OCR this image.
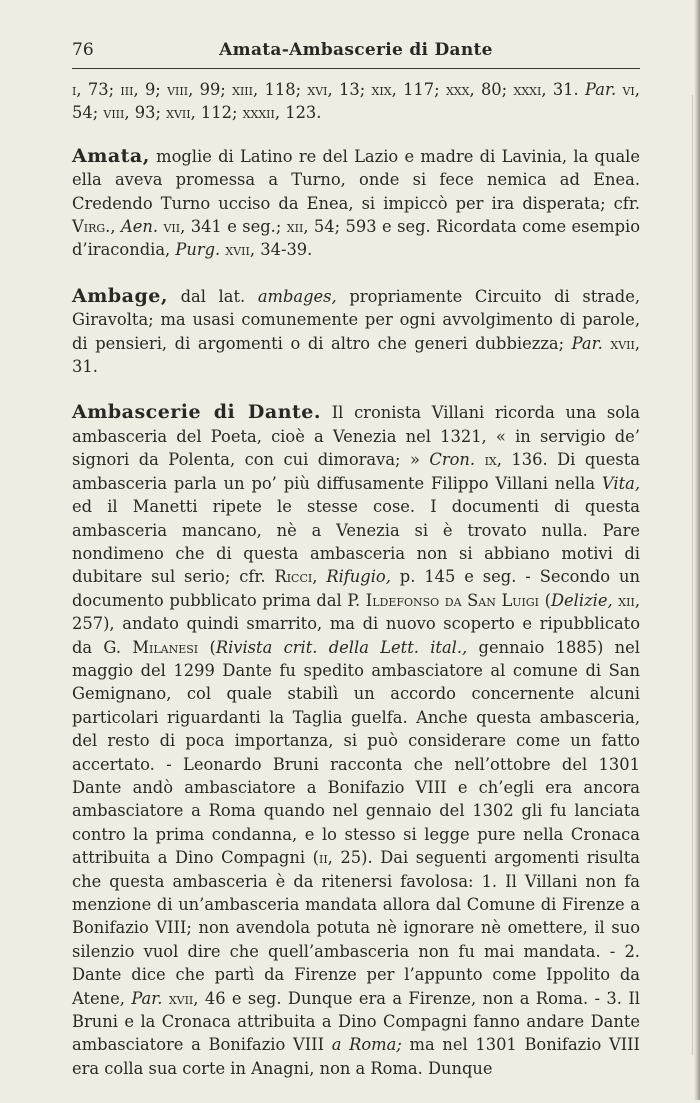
76	Amata-Ambascerie di Dante

i, 73; iii, 9; viii, 99; xiii, 118; xvi, 13; xix, 117; xxx, 80; xxxi, 31. Par. vi, 54; viii, 93; xvii, 112; xxxii, 123.

Amata, moglie di Latino re del Lazio e madre di Lavinia, la quale ella aveva promessa a Turno, onde si fece nemica ad Enea. Credendo Turno ucciso da Enea, si impiccò per ira disperata; cfr. Virg., Aen. vii, 341 e seg.; xii, 54; 593 e seg. Ricordata come esempio d’iracondia, Purg. xvii, 34-39.

Ambage, dal lat. ambages, propriamente Circuito di strade, Giravolta; ma usasi comunemente per ogni avvolgimento di parole, di pensieri, di argomenti o di altro che generi dubbiezza; Par. xvii, 31.

Ambascerie di Dante. Il cronista Villani ricorda una sola ambasceria del Poeta, cioè a Venezia nel 1321, « in servigio de’ signori da Polenta, con cui dimorava; » Cron. ix, 136. Di questa ambasceria parla un po’ più diffusamente Filippo Villani nella Vita, ed il Manetti ripete le stesse cose. I documenti di questa ambasceria mancano, nè a Venezia si è trovato nulla. Pare nondimeno che di questa ambasceria non si abbiano motivi di dubitare sul serio; cfr. Ricci, Rifugio, p. 145 e seg. - Secondo un documento pubblicato prima dal P. Ildefonso da San Luigi (Delizie, xii, 257), andato quindi smarrito, ma di nuovo scoperto e ripubblicato da G. Milanesi (Rivista crit. della Lett. ital., gennaio 1885) nel maggio del 1299 Dante fu spedito ambasciatore al comune di San Gemignano, col quale stabilì un accordo concernente alcuni particolari riguardanti la Taglia guelfa. Anche questa ambasceria, del resto di poca importanza, si può considerare come un fatto accertato. - Leonardo Bruni racconta che nell’ottobre del 1301 Dante andò ambasciatore a Bonifazio VIII e ch’egli era ancora ambasciatore a Roma quando nel gennaio del 1302 gli fu lanciata contro la prima condanna, e lo stesso si legge pure nella Cronaca attribuita a Dino Compagni (ii, 25). Dai seguenti argomenti risulta che questa ambasceria è da ritenersi favolosa: 1. Il Villani non fa menzione di un’ambasceria mandata allora dal Comune di Firenze a Bonifazio VIII; non avendola potuta nè ignorare nè omettere, il suo silenzio vuol dire che quell’ambasceria non fu mai mandata. - 2. Dante dice che partì da Firenze per l’appunto come Ippolito da Atene, Par. xvii, 46 e seg. Dunque era a Firenze, non a Roma. - 3. Il Bruni e la Cronaca attribuita a Dino Compagni fanno andare Dante ambasciatore a Bonifazio VIII a Roma; ma nel 1301 Bonifazio VIII era colla sua corte in Anagni, non a Roma. Dunque
